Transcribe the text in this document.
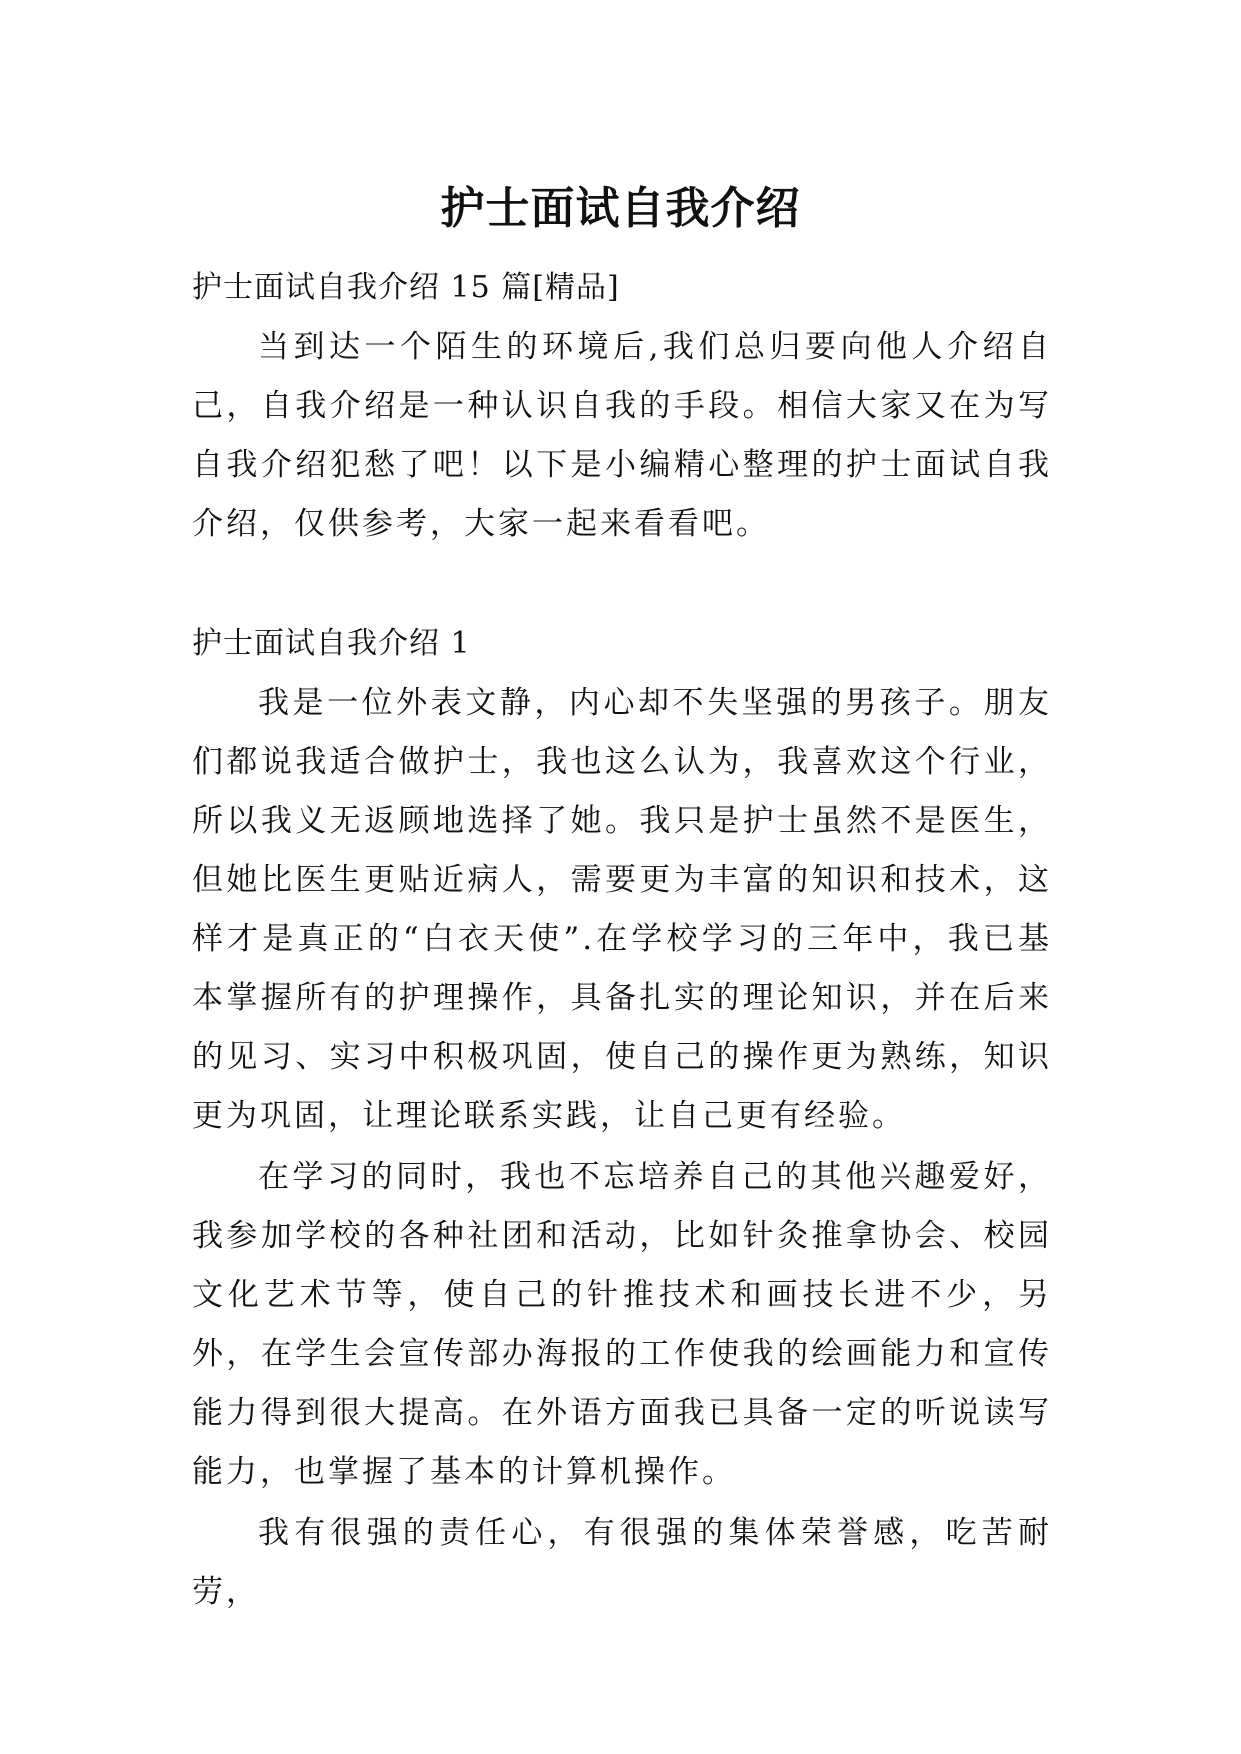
护士面试自我介绍

护士面试自我介绍 15 篇[精品]

当到达一个陌生的环境后,我们总归要向他人介绍自己，自我介绍是一种认识自我的手段。相信大家又在为写自我介绍犯愁了吧！以下是小编精心整理的护士面试自我介绍，仅供参考，大家一起来看看吧。

护士面试自我介绍 1

我是一位外表文静，内心却不失坚强的男孩子。朋友们都说我适合做护士，我也这么认为，我喜欢这个行业，所以我义无返顾地选择了她。我只是护士虽然不是医生，但她比医生更贴近病人，需要更为丰富的知识和技术，这样才是真正的“白衣天使”.在学校学习的三年中，我已基本掌握所有的护理操作，具备扎实的理论知识，并在后来的见习、实习中积极巩固，使自己的操作更为熟练，知识更为巩固，让理论联系实践，让自己更有经验。

在学习的同时，我也不忘培养自己的其他兴趣爱好，我参加学校的各种社团和活动，比如针灸推拿协会、校园文化艺术节等，使自己的针推技术和画技长进不少，另外，在学生会宣传部办海报的工作使我的绘画能力和宣传能力得到很大提高。在外语方面我已具备一定的听说读写能力，也掌握了基本的计算机操作。

我有很强的责任心，有很强的集体荣誉感，吃苦耐劳，
